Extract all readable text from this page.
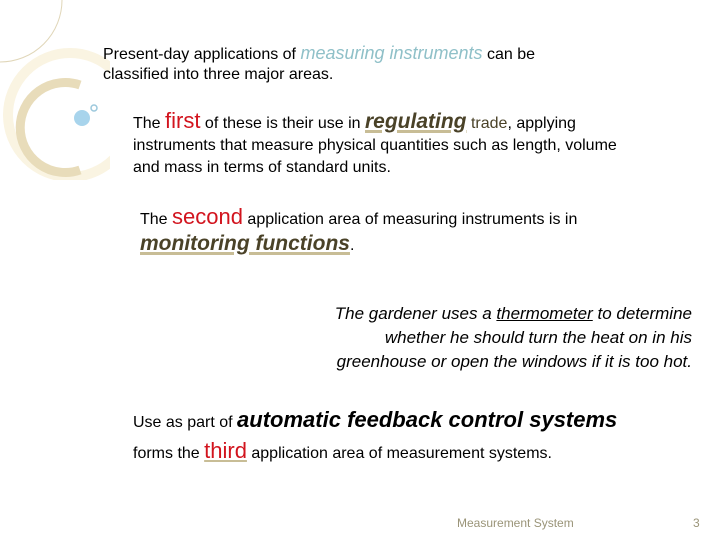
Present-day applications of measuring instruments can be
classified into three major areas.
The first of these is their use in regulating trade, applying
instruments that measure physical quantities such as length, volume
and mass in terms of standard units.
The second application area of measuring instruments is in
monitoring functions.
The gardener uses a thermometer to determine
whether he should turn the heat on in his
greenhouse or open the windows if it is too hot.
Use as part of automatic feedback control systems
forms the third application area of measurement systems.
Measurement System	3
